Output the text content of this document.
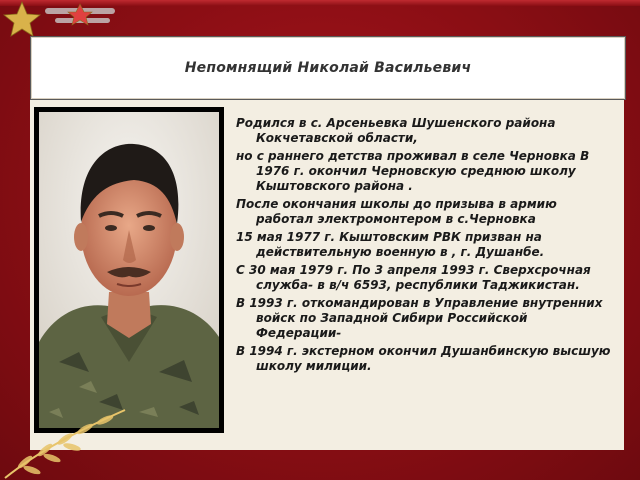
Непомнящий Николай Васильевич

Родился в с. Арсеньевка Шушенского района Кокчетавской области,

но с раннего детства проживал в селе Черновка В 1976 г. окончил Черновскую среднюю школу Кыштовского района .

После окончания школы до призыва в армию работал электромонтером в с.Черновка

15 мая 1977 г. Кыштовским РВК призван на действительную военную в , г. Душанбе.

С 30 мая 1979 г. По 3 апреля 1993 г. Сверхсрочная служба- в в/ч 6593, республики Таджикистан.

В 1993 г. откомандирован в Управление внутренних войск по Западной Сибири Российской Федерации-

В 1994 г. экстерном окончил Душанбинскую высшую школу милиции.
